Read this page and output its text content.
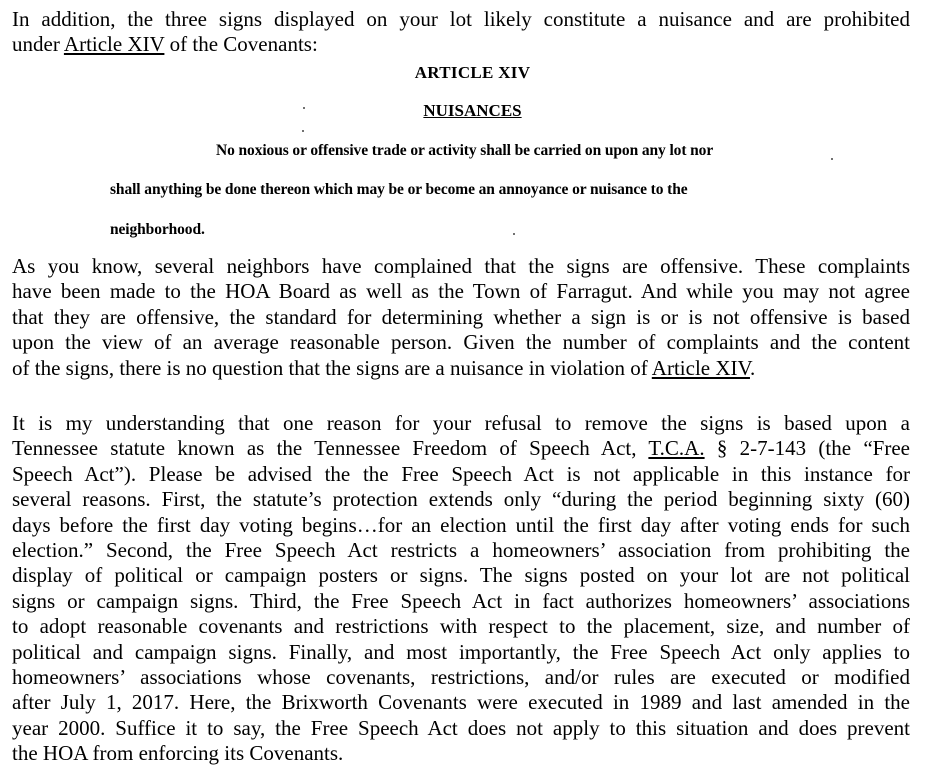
In addition, the three signs displayed on your lot likely constitute a nuisance and are prohibited
under Article XIV of the Covenants:

ARTICLE XIV

NUISANCES

No noxious or offensive trade or activity shall be carried on upon any lot nor

shall anything be done thereon which may be or become an annoyance or nuisance to the

neighborhood.

As you know, several neighbors have complained that the signs are offensive. These complaints
have been made to the HOA Board as well as the Town of Farragut. And while you may not agree
that they are offensive, the standard for determining whether a sign is or is not offensive is based
upon the view of an average reasonable person. Given the number of complaints and the content
of the signs, there is no question that the signs are a nuisance in violation of Article XIV.

It is my understanding that one reason for your refusal to remove the signs is based upon a
Tennessee statute known as the Tennessee Freedom of Speech Act, T.C.A. § 2-7-143 (the “Free
Speech Act”). Please be advised the the Free Speech Act is not applicable in this instance for
several reasons. First, the statute’s protection extends only “during the period beginning sixty (60)
days before the first day voting begins…for an election until the first day after voting ends for such
election.” Second, the Free Speech Act restricts a homeowners’ association from prohibiting the
display of political or campaign posters or signs. The signs posted on your lot are not political
signs or campaign signs. Third, the Free Speech Act in fact authorizes homeowners’ associations
to adopt reasonable covenants and restrictions with respect to the placement, size, and number of
political and campaign signs. Finally, and most importantly, the Free Speech Act only applies to
homeowners’ associations whose covenants, restrictions, and/or rules are executed or modified
after July 1, 2017. Here, the Brixworth Covenants were executed in 1989 and last amended in the
year 2000. Suffice it to say, the Free Speech Act does not apply to this situation and does prevent
the HOA from enforcing its Covenants.
